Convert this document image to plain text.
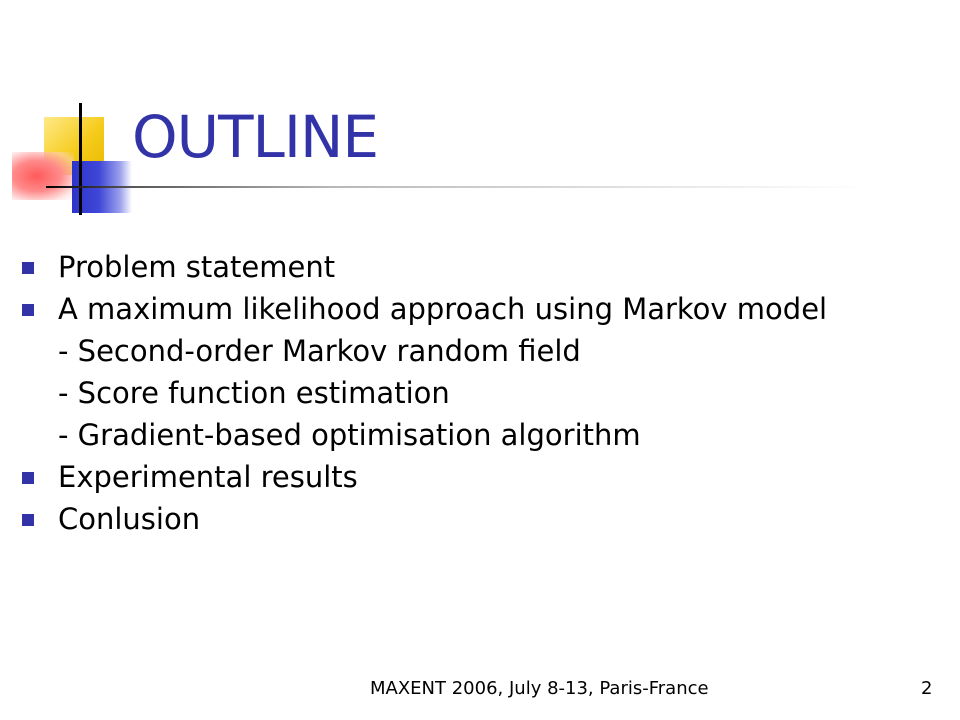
OUTLINE
Problem statement
A maximum likelihood approach using Markov model
- Second-order Markov random field
- Score function estimation
- Gradient-based optimisation algorithm
Experimental results
Conlusion
MAXENT 2006, July 8-13, Paris-France	2
